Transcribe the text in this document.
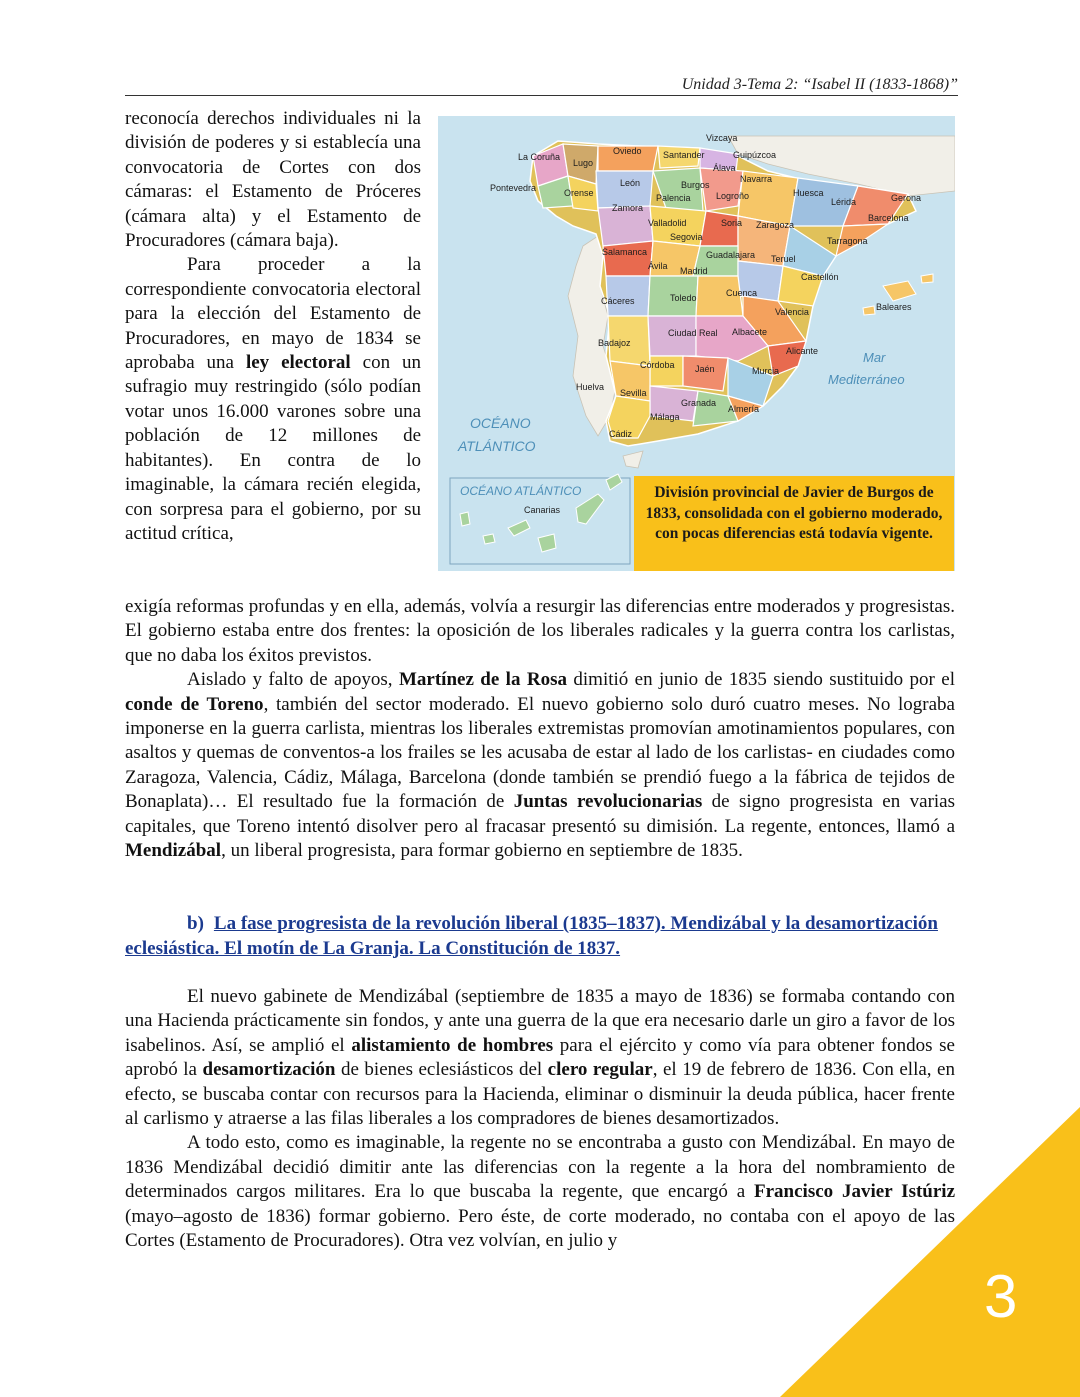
Unidad 3-Tema 2: “Isabel II (1833-1868)”

reconocía derechos individuales ni la división de poderes y si establecía una convocatoria de Cortes con dos cámaras: el Estamento de Próceres (cámara alta) y el Estamento de Procuradores (cámara baja).

Para proceder a la correspondiente convocatoria electoral para la elección del Estamento de Procuradores, en mayo de 1834 se aprobaba una ley electoral con un sufragio muy restringido (sólo podían votar unos 16.000 varones sobre una población de 12 millones de habitantes). En contra de lo imaginable, la cámara recién elegida, con sorpresa para el gobierno, por su actitud crítica,

La Coruña
Lugo
Oviedo Santander
Vizcaya
Guipúzcoa
Álava
Navarra
Pontevedra	Orense
León	Burgos
Palencia	Logroño	Huesca	Gerona
Zamora
Valladolid	Soria Zaragoza
Lérida
Barcelona
Segovia	Tarragona
Salamanca
Ávila Madrid
Guadalajara Teruel
Castellón
Cáceres	Toledo	Cuenca
Valencia	Baleares
Badajoz
Ciudad Real Albacete
Alicante
Córdoba Jaén	Murcia
Huelva
Sevilla
Granada
Almería
Málaga
Cádiz
Mar
Mediterráneo
OCÉANO
ATLÁNTICO
OCÉANO ATLÁNTICO
Canarias
División provincial de Javier de Burgos de 1833, consolidada con el gobierno moderado, con pocas diferencias está todavía vigente.

exigía reformas profundas y en ella, además, volvía a resurgir las diferencias entre moderados y progresistas. El gobierno estaba entre dos frentes: la oposición de los liberales radicales y la guerra contra los carlistas, que no daba los éxitos previstos.

Aislado y falto de apoyos, Martínez de la Rosa dimitió en junio de 1835 siendo sustituido por el conde de Toreno, también del sector moderado. El nuevo gobierno solo duró cuatro meses. No lograba imponerse en la guerra carlista, mientras los liberales extremistas promovían amotinamientos populares, con asaltos y quemas de conventos-a los frailes se les acusaba de estar al lado de los carlistas- en ciudades como Zaragoza, Valencia, Cádiz, Málaga, Barcelona (donde también se prendió fuego a la fábrica de tejidos de Bonaplata)… El resultado fue la formación de Juntas revolucionarias de signo progresista en varias capitales, que Toreno intentó disolver pero al fracasar presentó su dimisión. La regente, entonces, llamó a Mendizábal, un liberal progresista, para formar gobierno en septiembre de 1835.

b) La fase progresista de la revolución liberal (1835–1837). Mendizábal y la desamortización eclesiástica. El motín de La Granja. La Constitución de 1837.

El nuevo gabinete de Mendizábal (septiembre de 1835 a mayo de 1836) se formaba contando con una Hacienda prácticamente sin fondos, y ante una guerra de la que era necesario darle un giro a favor de los isabelinos. Así, se amplió el alistamiento de hombres para el ejército y como vía para obtener fondos se aprobó la desamortización de bienes eclesiásticos del clero regular, el 19 de febrero de 1836. Con ella, en efecto, se buscaba contar con recursos para la Hacienda, eliminar o disminuir la deuda pública, hacer frente al carlismo y atraerse a las filas liberales a los compradores de bienes desamortizados.

A todo esto, como es imaginable, la regente no se encontraba a gusto con Mendizábal. En mayo de 1836 Mendizábal decidió dimitir ante las diferencias con la regente a la hora del nombramiento de determinados cargos militares. Era lo que buscaba la regente, que encargó a Francisco Javier Istúriz (mayo–agosto de 1836) formar gobierno. Pero éste, de corte moderado, no contaba con el apoyo de las Cortes (Estamento de Procuradores). Otra vez volvían, en julio y

3
